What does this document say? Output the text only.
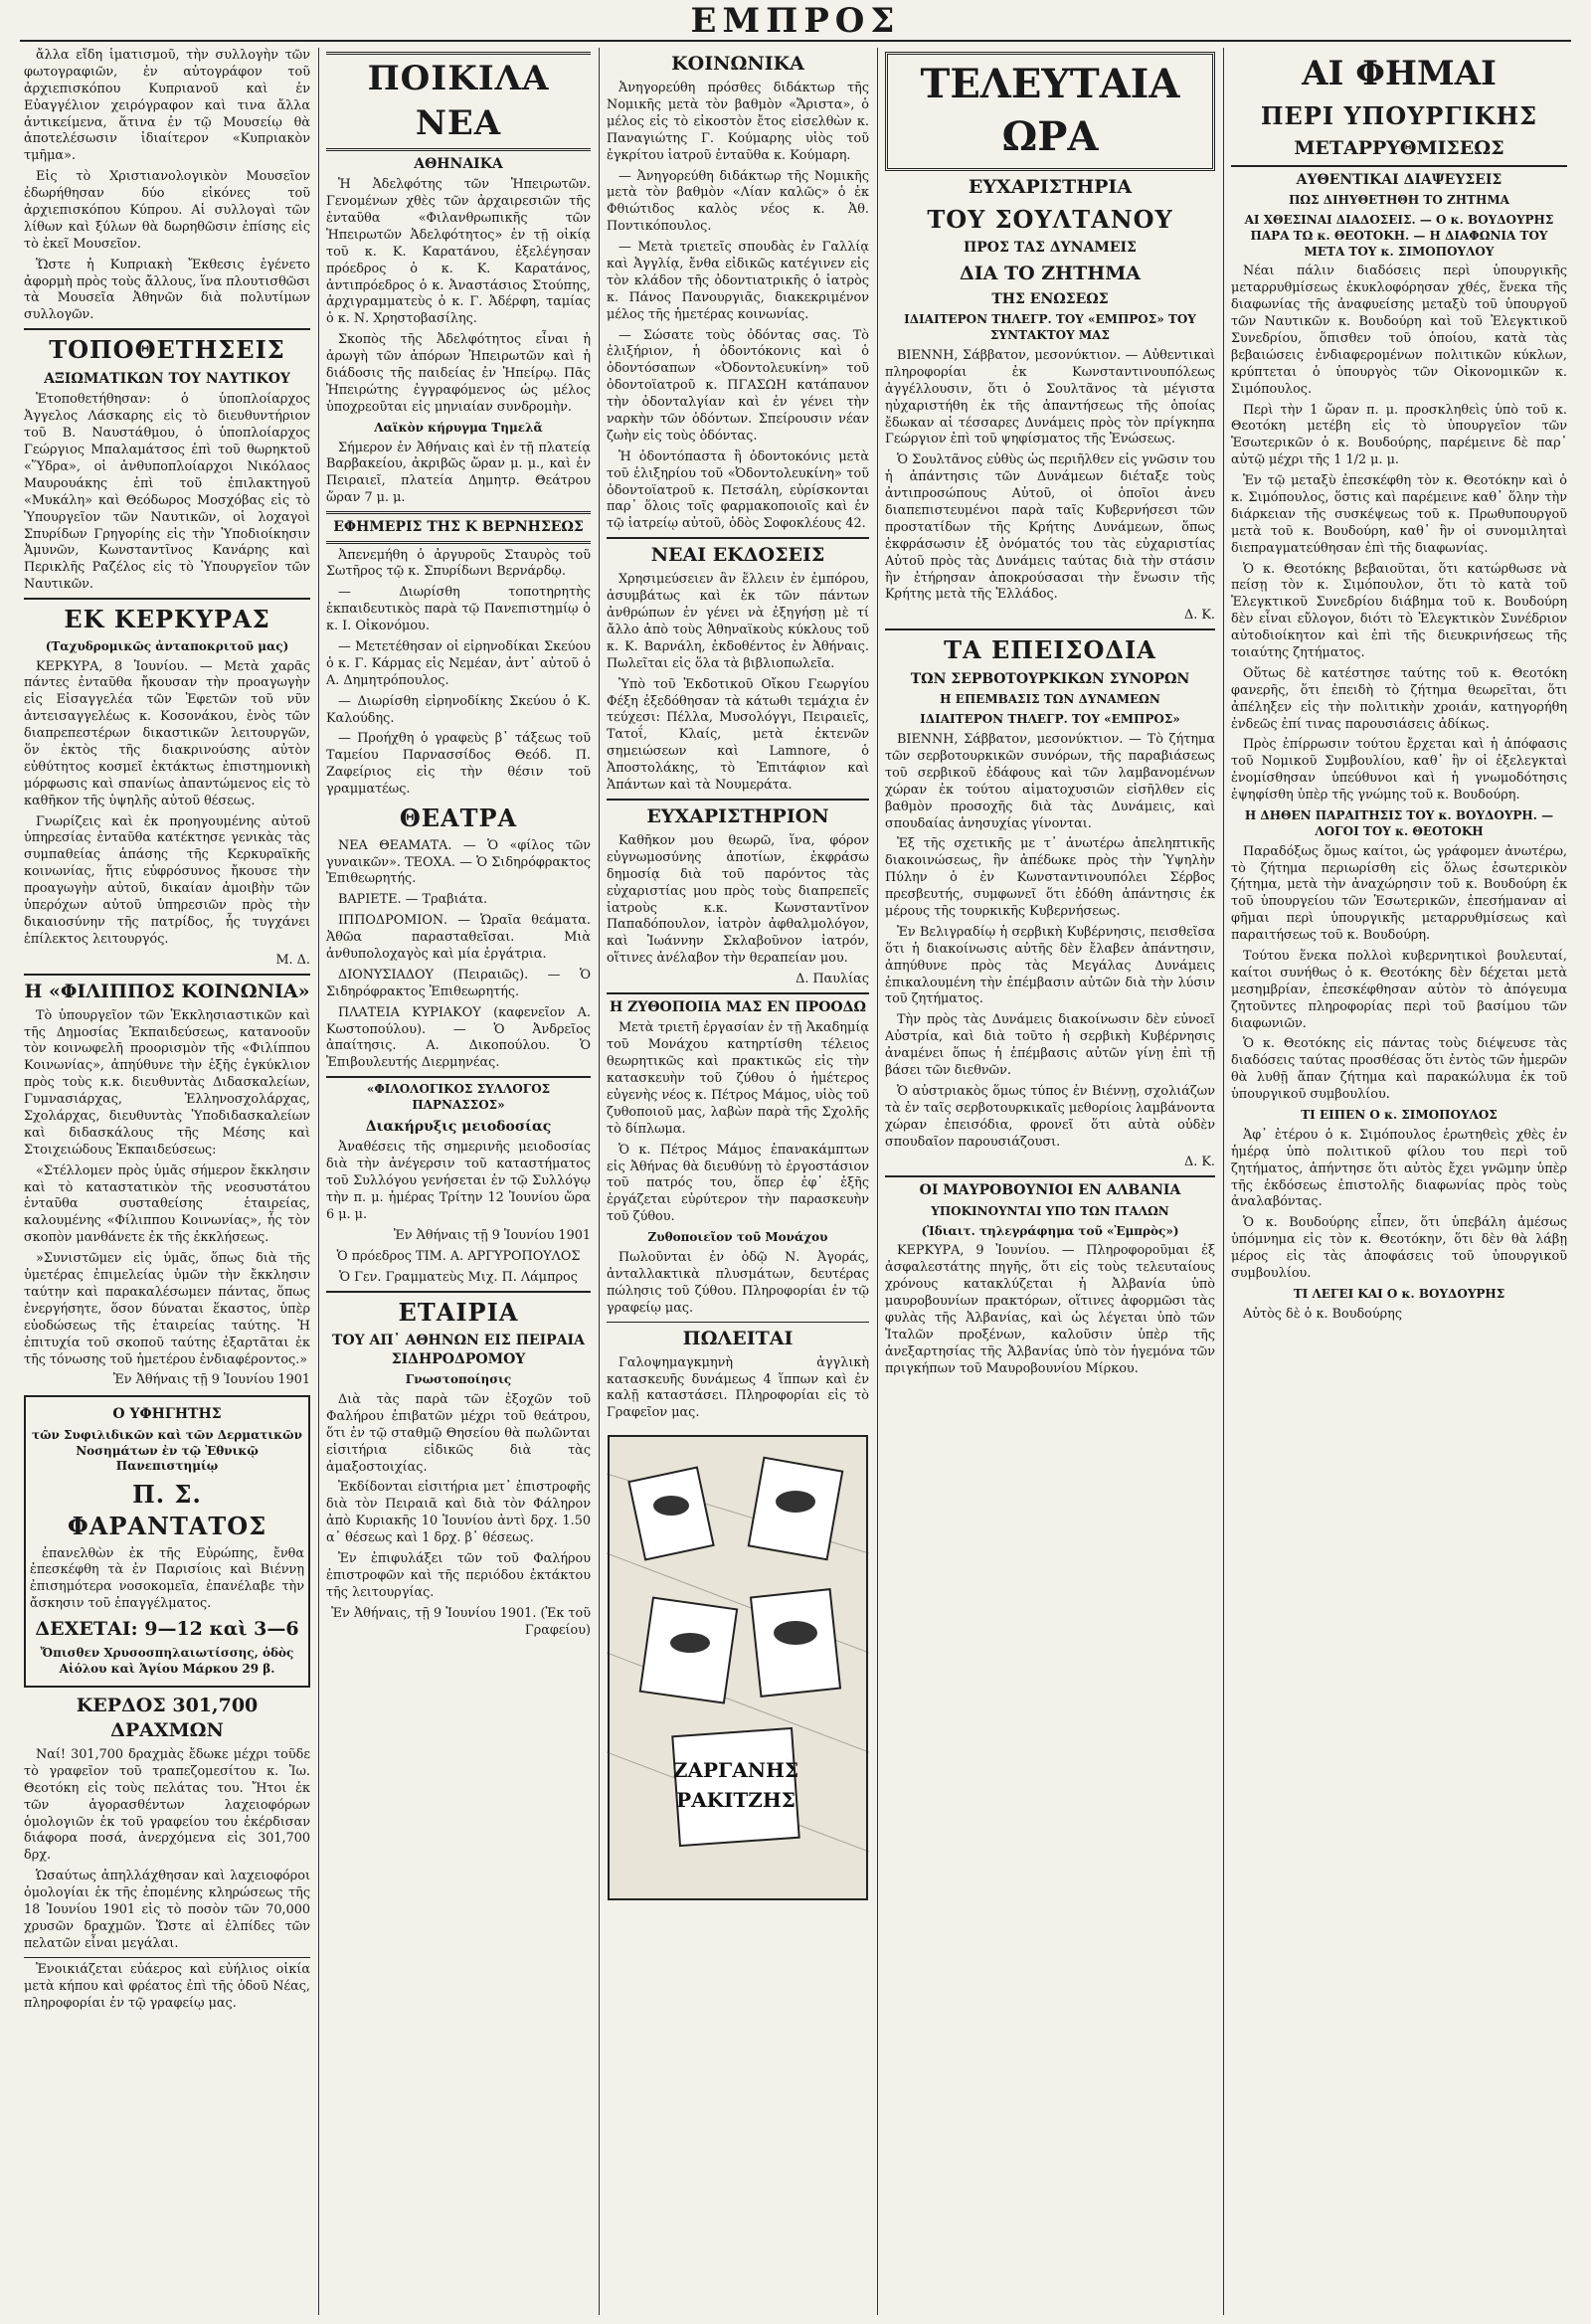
ΕΜΠΡΟΣ

ἄλλα εἴδη ἱματισμοῦ, τὴν συλλογὴν τῶν φωτογραφιῶν, ἐν αὐτογράφον τοῦ ἀρχιεπισκόπου Κυπριανοῦ καὶ ἐν Εὐαγγέλιον χειρόγραφον καὶ τινα ἄλλα ἀντικείμενα, ἅτινα ἐν τῷ Μουσείῳ θὰ ἀποτελέσωσιν ἰδιαίτερον «Κυπριακὸν τμῆμα».

Εἰς τὸ Χριστιανολογικὸν Μουσεῖον ἐδωρήθησαν δύο εἰκόνες τοῦ ἀρχιεπισκόπου Κύπρου. Αἱ συλλογαὶ τῶν λίθων καὶ ξύλων θὰ δωρηθῶσιν ἐπίσης εἰς τὸ ἐκεῖ Μουσεῖον.

Ὥστε ἡ Κυπριακὴ Ἔκθεσις ἐγένετο ἀφορμὴ πρὸς τοὺς ἄλλους, ἵνα πλουτισθῶσι τὰ Μουσεῖα Ἀθηνῶν διὰ πολυτίμων συλλογῶν.

ΤΟΠΟΘΕΤΗΣΕΙΣ
ΑΞΙΩΜΑΤΙΚΩΝ ΤΟΥ ΝΑΥΤΙΚΟΥ

Ἐτοποθετήθησαν: ὁ ὑποπλοίαρχος Ἀγγελος Λάσκαρης εἰς τὸ διευθυντήριον τοῦ Β. Ναυστάθμου, ὁ ὑποπλοίαρχος Γεώργιος Μπαλαμάτσος ἐπὶ τοῦ θωρηκτοῦ «Ὕδρα», οἱ ἀνθυποπλοίαρχοι Νικόλαος Μαυρουάκης ἐπὶ τοῦ ἐπιλακτηγοῦ «Μυκάλη» καὶ Θεόδωρος Μοσχόβας εἰς τὸ Ὑπουργεῖον τῶν Ναυτικῶν, οἱ λοχαγοὶ Σπυρίδων Γρηγορίης εἰς τὴν Ὑποδιοίκησιν Ἀμυνῶν, Κωνσταντῖνος Κανάρης καὶ Περικλῆς Ραζέλος εἰς τὸ Ὑπουργεῖον τῶν Ναυτικῶν.

ΕΚ ΚΕΡΚΥΡΑΣ
(Ταχυδρομικῶς ἀνταποκριτοῦ μας)

ΚΕΡΚΥΡΑ, 8 Ἰουνίου. — Μετὰ χαρᾶς πάντες ἐνταῦθα ἤκουσαν τὴν προαγωγὴν εἰς Εἰσαγγελέα τῶν Ἐφετῶν τοῦ νῦν ἀντεισαγγελέως κ. Κοσονάκου, ἑνὸς τῶν διαπρεπεστέρων δικαστικῶν λειτουργῶν, ὅν ἐκτὸς τῆς διακρινούσης αὐτὸν εὐθύτητος κοσμεῖ ἐκτάκτως ἐπιστημονικὴ μόρφωσις καὶ σπανίως ἀπαντώμενος εἰς τὸ καθῆκον τῆς ὑψηλῆς αὐτοῦ θέσεως.

Γνωρίζεις καὶ ἐκ προηγουμένης αὐτοῦ ὑπηρεσίας ἐνταῦθα κατέκτησε γενικὰς τὰς συμπαθείας ἁπάσης τῆς Κερκυραϊκῆς κοινωνίας, ἥτις εὐφρόσυνος ἤκουσε τὴν προαγωγὴν αὐτοῦ, δικαίαν ἀμοιβὴν τῶν ὑπερόχων αὐτοῦ ὑπηρεσιῶν πρὸς τὴν δικαιοσύνην τῆς πατρίδος, ἧς τυγχάνει ἐπίλεκτος λειτουργός.

Μ. Δ.

Η «ΦΙΛΙΠΠΟΣ ΚΟΙΝΩΝΙΑ»

Τὸ ὑπουργεῖον τῶν Ἐκκλησιαστικῶν καὶ τῆς Δημοσίας Ἐκπαιδεύσεως, κατανοοῦν τὸν κοινωφελῆ προορισμὸν τῆς «Φιλίππου Κοινωνίας», ἀπηύθυνε τὴν ἑξῆς ἐγκύκλιον πρὸς τοὺς κ.κ. διευθυντὰς Διδασκαλείων, Γυμνασιάρχας, Ἑλληνοσχολάρχας, Σχολάρχας, διευθυντὰς Ὑποδιδασκαλείων καὶ διδασκάλους τῆς Μέσης καὶ Στοιχειώδους Ἐκπαιδεύσεως:

«Στέλλομεν πρὸς ὑμᾶς σήμερον ἔκκλησιν καὶ τὸ καταστατικὸν τῆς νεοσυστάτου ἐνταῦθα συσταθείσης ἑταιρείας, καλουμένης «Φίλιππου Κοινωνίας», ἧς τὸν σκοπὸν μανθάνετε ἐκ τῆς ἐκκλήσεως.

»Συνιστῶμεν εἰς ὑμᾶς, ὅπως διὰ τῆς ὑμετέρας ἐπιμελείας ὑμῶν τὴν ἔκκλησιν ταύτην καὶ παρακαλέσωμεν πάντας, ὅπως ἐνεργήσητε, ὅσον δύναται ἕκαστος, ὑπὲρ εὐοδώσεως τῆς ἑταιρείας ταύτης. Ἡ ἐπιτυχία τοῦ σκοποῦ ταύτης ἐξαρτᾶται ἐκ τῆς τόνωσης τοῦ ἡμετέρου ἐνδιαφέροντος.»

Ἐν Ἀθήναις τῇ 9 Ἰουνίου 1901

Ο ΥΦΗΓΗΤΗΣ
τῶν Συφιλιδικῶν καὶ τῶν Δερματικῶν Νοσημάτων ἐν τῷ Ἐθνικῷ Πανεπιστημίῳ
Π. Σ. ΦΑΡΑΝΤΑΤΟΣ

ἐπανελθὼν ἐκ τῆς Εὐρώπης, ἔνθα ἐπεσκέφθη τὰ ἐν Παρισίοις καὶ Βιέννῃ ἐπισημότερα νοσοκομεῖα, ἐπανέλαβε τὴν ἄσκησιν τοῦ ἐπαγγέλματος.

ΔΕΧΕΤΑΙ: 9—12 καὶ 3—6
Ὄπισθεν Χρυσοσπηλαιωτίσσης, ὁδὸς Αἰόλου καὶ Ἁγίου Μάρκου 29 β.
ΚΕΡΔΟΣ 301,700 ΔΡΑΧΜΩΝ

Ναί! 301,700 δραχμὰς ἔδωκε μέχρι τοῦδε τὸ γραφεῖον τοῦ τραπεζομεσίτου κ. Ἰω. Θεοτόκη εἰς τοὺς πελάτας του. Ἤτοι ἐκ τῶν ἀγορασθέντων λαχειοφόρων ὁμολογιῶν ἐκ τοῦ γραφείου του ἐκέρδισαν διάφορα ποσά, ἀνερχόμενα εἰς 301,700 δρχ.

Ὡσαύτως ἀπηλλάχθησαν καὶ λαχειοφόροι ὁμολογίαι ἐκ τῆς ἐπομένης κληρώσεως τῆς 18 Ἰουνίου 1901 εἰς τὸ ποσὸν τῶν 70,000 χρυσῶν δραχμῶν. Ὥστε αἱ ἐλπίδες τῶν πελατῶν εἶναι μεγάλαι.

Ἐνοικιάζεται εὐάερος καὶ εὐήλιος οἰκία μετὰ κήπου καὶ φρέατος ἐπὶ τῆς ὁδοῦ Νέας, πληροφορίαι ἐν τῷ γραφείῳ μας.

ΠΟΙΚΙΛΑ ΝΕΑ
ΑΘΗΝΑΙΚΑ

Ἡ Ἀδελφότης τῶν Ἠπειρωτῶν. Γενομένων χθὲς τῶν ἀρχαιρεσιῶν τῆς ἐνταῦθα «Φιλανθρωπικῆς τῶν Ἠπειρωτῶν Ἀδελφότητος» ἐν τῇ οἰκίᾳ τοῦ κ. Κ. Καρατάνου, ἐξελέγησαν πρόεδρος ὁ κ. Κ. Καρατάνος, ἀντιπρόεδρος ὁ κ. Ἀναστάσιος Στούπης, ἀρχιγραμματεὺς ὁ κ. Γ. Ἀδέρφη, ταμίας ὁ κ. Ν. Χρηστοβασίλης.

Σκοπὸς τῆς Ἀδελφότητος εἶναι ἡ ἀρωγὴ τῶν ἀπόρων Ἠπειρωτῶν καὶ ἡ διάδοσις τῆς παιδείας ἐν Ἠπείρῳ. Πᾶς Ἠπειρώτης ἐγγραφόμενος ὡς μέλος ὑποχρεοῦται εἰς μηνιαίαν συνδρομὴν.

Λαϊκὸν κήρυγμα Τημελᾶ

Σήμερον ἐν Ἀθήναις καὶ ἐν τῇ πλατείᾳ Βαρβακείου, ἀκριβῶς ὥραν μ. μ., καὶ ἐν Πειραιεῖ, πλατεία Δημητρ. Θεάτρου ὥραν 7 μ. μ.

ΕΦΗΜΕΡΙΣ ΤΗΣ Κ ΒΕΡΝΗΣΕΩΣ

Ἀπενεμήθη ὁ ἀργυροῦς Σταυρὸς τοῦ Σωτῆρος τῷ κ. Σπυρίδωνι Βερνάρδῳ.

— Διωρίσθη τοποτηρητὴς ἐκπαιδευτικὸς παρὰ τῷ Πανεπιστημίῳ ὁ κ. Ι. Οἰκονόμου.

— Μετετέθησαν οἱ εἰρηνοδίκαι Σκεύου ὁ κ. Γ. Κάρμας εἰς Νεμέαν, ἀντ᾽ αὐτοῦ ὁ Α. Δημητρόπουλος.

— Διωρίσθη εἰρηνοδίκης Σκεύου ὁ Κ. Καλούδης.

— Προήχθη ὁ γραφεὺς β᾽ τάξεως τοῦ Ταμείου Παρνασσίδος Θεόδ. Π. Ζαφείριος εἰς τὴν θέσιν τοῦ γραμματέως.

ΘΕΑΤΡΑ

ΝΕΑ ΘΕΑΜΑΤΑ. — Ὁ «φίλος τῶν γυναικῶν». ΤΕΟΧΑ. — Ὁ Σιδηρόφρακτος Ἐπιθεωρητής.

ΒΑΡΙΕΤΕ. — Τραβιάτα.

ΙΠΠΟΔΡΟΜΙΟΝ. — Ὡραῖα θεάματα. Ἀθῶα παρασταθεῖσαι. Μιὰ ἀνθυπολοχαγὸς καὶ μία ἐργάτρια.

ΔΙΟΝΥΣΙΑΔΟΥ (Πειραιῶς). — Ὁ Σιδηρόφρακτος Ἐπιθεωρητής.

ΠΛΑΤΕΙΑ ΚΥΡΙΑΚΟΥ (καφενεῖον Α. Κωστοπούλου). — Ὁ Ἀνδρεῖος ἀπαίτησις. Α. Δικοπούλου. Ὁ Ἐπιβουλευτής Διερμηνέας.

«ΦΙΛΟΛΟΓΙΚΟΣ ΣΥΛΛΟΓΟΣ ΠΑΡΝΑΣΣΟΣ»
Διακήρυξις μειοδοσίας

Ἀναθέσεις τῆς σημερινῆς μειοδοσίας διὰ τὴν ἀνέγερσιν τοῦ καταστήματος τοῦ Συλλόγου γενήσεται ἐν τῷ Συλλόγῳ τὴν π. μ. ἡμέρας Τρίτην 12 Ἰουνίου ὥρα 6 μ. μ.

Ἐν Ἀθήναις τῇ 9 Ἰουνίου 1901

Ὁ πρόεδρος ΤΙΜ. Α. ΑΡΓΥΡΟΠΟΥΛΟΣ

Ὁ Γεν. Γραμματεὺς Μιχ. Π. Λάμπρος

ΕΤΑΙΡΙΑ
ΤΟΥ ΑΠ᾽ ΑΘΗΝΩΝ ΕΙΣ ΠΕΙΡΑΙΑ ΣΙΔΗΡΟΔΡΟΜΟΥ
Γνωστοποίησις

Διὰ τὰς παρὰ τῶν ἐξοχῶν τοῦ Φαλήρου ἐπιβατῶν μέχρι τοῦ θεάτρου, ὅτι ἐν τῷ σταθμῷ Θησείου θὰ πωλῶνται εἰσιτήρια εἰδικῶς διὰ τὰς ἀμαξοστοιχίας.

Ἐκδίδονται εἰσιτήρια μετ᾽ ἐπιστροφῆς διὰ τὸν Πειραιᾶ καὶ διὰ τὸν Φάληρον ἀπὸ Κυριακῆς 10 Ἰουνίου ἀντὶ δρχ. 1.50 α᾽ θέσεως καὶ 1 δρχ. β᾽ θέσεως.

Ἐν ἐπιφυλάξει τῶν τοῦ Φαλήρου ἐπιστροφῶν καὶ τῆς περιόδου ἐκτάκτου τῆς λειτουργίας.

Ἐν Ἀθήναις, τῇ 9 Ἰουνίου 1901. (Ἐκ τοῦ Γραφείου)

ΚΟΙΝΩΝΙΚΑ

Ἀνηγορεύθη πρόσθες διδάκτωρ τῆς Νομικῆς μετὰ τὸν βαθμὸν «Ἄριστα», ὁ μέλος εἰς τὸ εἰκοστὸν ἔτος εἰσελθὼν κ. Παναγιώτης Γ. Κούμαρης υἱὸς τοῦ ἐγκρίτου ἰατροῦ ἐνταῦθα κ. Κούμαρη.

— Ἀνηγορεύθη διδάκτωρ τῆς Νομικῆς μετὰ τὸν βαθμὸν «Λίαν καλῶς» ὁ ἐκ Φθιώτιδος καλὸς νέος κ. Ἀθ. Ποντικόπουλος.

— Μετὰ τριετεῖς σπουδὰς ἐν Γαλλίᾳ καὶ Ἀγγλίᾳ, ἔνθα εἰδικῶς κατέγινεν εἰς τὸν κλάδον τῆς ὀδοντιατρικῆς ὁ ἰατρὸς κ. Πάνος Πανουργιᾶς, διακεκριμένον μέλος τῆς ἡμετέρας κοινωνίας.

— Σώσατε τοὺς ὀδόντας σας. Τὸ ἐλιξήριον, ἡ ὀδοντόκονις καὶ ὁ ὀδοντόσαπων «Ὀδοντολευκίνη» τοῦ ὀδοντοϊατροῦ κ. ΠΓΑΣΩΗ κατάπαυον τὴν ὀδονταλγίαν καὶ ἐν γένει τὴν ναρκὴν τῶν ὀδόντων. Σπείρουσιν νέαν ζωὴν εἰς τοὺς ὀδόντας.

Ἡ ὀδοντόπαστα ἢ ὀδοντοκόνις μετὰ τοῦ ἐλιξηρίου τοῦ «Ὀδοντολευκίνη» τοῦ ὀδοντοϊατροῦ κ. Πετσάλη, εὐρίσκονται παρ᾽ ὅλοις τοῖς φαρμακοποιοῖς καὶ ἐν τῷ ἰατρείῳ αὐτοῦ, ὁδὸς Σοφοκλέους 42.

ΝΕΑΙ ΕΚΔΟΣΕΙΣ

Χρησιμεύσειεν ἂν ἕλλειν ἐν ἐμπόρου, ἀσυμβάτως καὶ ἐκ τῶν πάντων ἀνθρώπων ἐν γένει νὰ ἐξηγήσῃ μὲ τί ἄλλο ἀπὸ τοὺς Ἀθηναϊκοὺς κύκλους τοῦ κ. Κ. Βαρνάλη, ἐκδοθέντος ἐν Ἀθήναις. Πωλεῖται εἰς ὅλα τὰ βιβλιοπωλεῖα.

Ὑπὸ τοῦ Ἐκδοτικοῦ Οἴκου Γεωργίου Φέξη ἐξεδόθησαν τὰ κάτωθι τεμάχια ἐν τεύχεσι: Πέλλα, Μυσολόγγι, Πειραιεῖς, Τατοΐ, Κλαίς, μετὰ ἐκτενῶν σημειώσεων καὶ Lamnore, ὁ Ἀποστολάκης, τὸ Ἐπιτάφιον καὶ Ἁπάντων καὶ τὰ Νουμεράτα.

ΕΥΧΑΡΙΣΤΗΡΙΟΝ

Καθῆκον μου θεωρῶ, ἵνα, φόρον εὐγνωμοσύνης ἀποτίων, ἐκφράσω δημοσίᾳ διὰ τοῦ παρόντος τὰς εὐχαριστίας μου πρὸς τοὺς διαπρεπεῖς ἰατροὺς κ.κ. Κωνσταντῖνον Παπαδόπουλον, ἰατρὸν ἀφθαλμολόγον, καὶ Ἰωάννην Σκλαβοῦνον ἰατρόν, οἵτινες ἀνέλαβον τὴν θεραπείαν μου.

Δ. Παυλίας

Η ΖΥΘΟΠΟΙΙΑ ΜΑΣ ΕΝ ΠΡΟΟΔΩ

Μετὰ τριετῆ ἐργασίαν ἐν τῇ Ἀκαδημίᾳ τοῦ Μονάχου κατηρτίσθη τέλειος θεωρητικῶς καὶ πρακτικῶς εἰς τὴν κατασκευὴν τοῦ ζύθου ὁ ἡμέτερος εὐγενὴς νέος κ. Πέτρος Μάμος, υἱὸς τοῦ ζυθοποιοῦ μας, λαβὼν παρὰ τῆς Σχολῆς τὸ δίπλωμα.

Ὁ κ. Πέτρος Μάμος ἐπανακάμπτων εἰς Ἀθήνας θὰ διευθύνῃ τὸ ἐργοστάσιον τοῦ πατρός του, ὅπερ ἐφ᾽ ἑξῆς ἐργάζεται εὐρύτερον τὴν παρασκευὴν τοῦ ζύθου.

Ζυθοποιεῖον τοῦ Μονάχου

Πωλοῦνται ἐν ὀδῷ Ν. Ἀγοράς, ἀνταλλακτικὰ πλυσμάτων, δευτέρας πώλησις τοῦ ζύθου. Πληροφορίαι ἐν τῷ γραφείῳ μας.

ΠΩΛΕΙΤΑΙ

Γαλοψημαγκμηνὴ ἀγγλικὴ κατασκευῆς δυνάμεως 4 ἵππων καὶ ἐν καλῇ καταστάσει. Πληροφορίαι εἰς τὸ Γραφεῖον μας.

ΖΑΡΓΑΝΗΣ
ΡΑΚΙΤΖΗΣ
ΤΕΛΕΥΤΑΙΑ ΩΡΑ
ΕΥΧΑΡΙΣΤΗΡΙΑ
ΤΟΥ ΣΟΥΛΤΑΝΟΥ
ΠΡΟΣ ΤΑΣ ΔΥΝΑΜΕΙΣ
ΔΙΑ ΤΟ ΖΗΤΗΜΑ
ΤΗΣ ΕΝΩΣΕΩΣ
ΙΔΙΑΙΤΕΡΟΝ ΤΗΛΕΓΡ. ΤΟΥ «ΕΜΠΡΟΣ» ΤΟΥ ΣΥΝΤΑΚΤΟΥ ΜΑΣ

ΒΙΕΝΝΗ, Σάββατον, μεσονύκτιον. — Αὐθεντικαὶ πληροφορίαι ἐκ Κωνσταντινουπόλεως ἀγγέλλουσιν, ὅτι ὁ Σουλτᾶνος τὰ μέγιστα ηὐχαριστήθη ἐκ τῆς ἀπαντήσεως τῆς ὁποίας ἔδωκαν αἱ τέσσαρες Δυνάμεις πρὸς τὸν πρίγκηπα Γεώργιον ἐπὶ τοῦ ψηφίσματος τῆς Ἑνώσεως.

Ὁ Σουλτᾶνος εὐθὺς ὡς περιῆλθεν εἰς γνῶσιν του ἡ ἀπάντησις τῶν Δυνάμεων διέταξε τοὺς ἀντιπροσώπους Αὐτοῦ, οἱ ὁποῖοι ἀνευ διαπεπιστευμένοι παρὰ ταῖς Κυβερνήσεσι τῶν προστατίδων τῆς Κρήτης Δυνάμεων, ὅπως ἐκφράσωσιν ἐξ ὀνόματός του τὰς εὐχαριστίας Αὐτοῦ πρὸς τὰς Δυνάμεις ταύτας διὰ τὴν στάσιν ἣν ἐτήρησαν ἀποκρούσασαι τὴν ἕνωσιν τῆς Κρήτης μετὰ τῆς Ἑλλάδος.

Δ. Κ.

ΤΑ ΕΠΕΙΣΟΔΙΑ
ΤΩΝ ΣΕΡΒΟΤΟΥΡΚΙΚΩΝ ΣΥΝΟΡΩΝ
Η ΕΠΕΜΒΑΣΙΣ ΤΩΝ ΔΥΝΑΜΕΩΝ
ΙΔΙΑΙΤΕΡΟΝ ΤΗΛΕΓΡ. ΤΟΥ «ΕΜΠΡΟΣ»

ΒΙΕΝΝΗ, Σάββατον, μεσονύκτιον. — Τὸ ζήτημα τῶν σερβοτουρκικῶν συνόρων, τῆς παραβιάσεως τοῦ σερβικοῦ ἐδάφους καὶ τῶν λαμβανομένων χώραν ἐκ τούτου αἱματοχυσιῶν εἰσῆλθεν εἰς βαθμὸν προσοχῆς διὰ τὰς Δυνάμεις, καὶ σπουδαίας ἀνησυχίας γίνονται.

Ἐξ τῆς σχετικῆς με τ᾽ ἀνωτέρω ἀπεληπτικῆς διακοινώσεως, ἣν ἀπέδωκε πρὸς τὴν Ὑψηλὴν Πύλην ὁ ἐν Κωνσταντινουπόλει Σέρβος πρεσβευτής, συμφωνεῖ ὅτι ἐδόθη ἀπάντησις ἐκ μέρους τῆς τουρκικῆς Κυβερνήσεως.

Ἐν Βελιγραδίῳ ἡ σερβικὴ Κυβέρνησις, πεισθεῖσα ὅτι ἡ διακοίνωσις αὐτῆς δὲν ἔλαβεν ἀπάντησιν, ἀπηύθυνε πρὸς τὰς Μεγάλας Δυνάμεις ἐπικαλουμένη τὴν ἐπέμβασιν αὐτῶν διὰ τὴν λύσιν τοῦ ζητήματος.

Τὴν πρὸς τὰς Δυνάμεις διακοίνωσιν δὲν εὐνοεῖ Αὐστρία, καὶ διὰ τοῦτο ἡ σερβικὴ Κυβέρνησις ἀναμένει ὅπως ἡ ἐπέμβασις αὐτῶν γίνῃ ἐπὶ τῇ βάσει τῶν διεθνῶν.

Ὁ αὐστριακὸς ὅμως τύπος ἐν Βιέννῃ, σχολιάζων τὰ ἐν ταῖς σερβοτουρκικαῖς μεθορίοις λαμβάνοντα χώραν ἐπεισόδια, φρονεῖ ὅτι αὐτὰ οὐδὲν σπουδαῖον παρουσιάζουσι.

Δ. Κ.

ΟΙ ΜΑΥΡΟΒΟΥΝΙΟΙ ΕΝ ΑΛΒΑΝΙΑ
ΥΠΟΚΙΝΟΥΝΤΑΙ ΥΠΟ ΤΩΝ ΙΤΑΛΩΝ
(Ἰδιαιτ. τηλεγράφημα τοῦ «Ἐμπρὸς»)

ΚΕΡΚΥΡΑ, 9 Ἰουνίου. — Πληροφοροῦμαι ἐξ ἀσφαλεστάτης πηγῆς, ὅτι εἰς τοὺς τελευταίους χρόνους κατακλύζεται ἡ Ἀλβανία ὑπὸ μαυροβουνίων πρακτόρων, οἵτινες ἀφορμῶσι τὰς φυλὰς τῆς Ἀλβανίας, καὶ ὡς λέγεται ὑπὸ τῶν Ἰταλῶν προξένων, καλοῦσιν ὑπὲρ τῆς ἀνεξαρτησίας τῆς Ἀλβανίας ὑπὸ τὸν ἡγεμόνα τῶν πριγκήπων τοῦ Μαυροβουνίου Μίρκου.

ΑΙ ΦΗΜΑΙ
ΠΕΡΙ ΥΠΟΥΡΓΙΚΗΣ
ΜΕΤΑΡΡΥΘΜΙΣΕΩΣ
ΑΥΘΕΝΤΙΚΑΙ ΔΙΑΨΕΥΣΕΙΣ
ΠΩΣ ΔΙΗΥΘΕΤΗΘΗ ΤΟ ΖΗΤΗΜΑ
ΑΙ ΧΘΕΣΙΝΑΙ ΔΙΑΔΟΣΕΙΣ. — Ο κ. ΒΟΥΔΟΥΡΗΣ ΠΑΡΑ ΤΩ κ. ΘΕΟΤΟΚΗ. — Η ΔΙΑΦΩΝΙΑ ΤΟΥ ΜΕΤΑ ΤΟΥ κ. ΣΙΜΟΠΟΥΛΟΥ

Νέαι πάλιν διαδόσεις περὶ ὑπουργικῆς μεταρρυθμίσεως ἐκυκλοφόρησαν χθές, ἕνεκα τῆς διαφωνίας τῆς ἀναφυείσης μεταξὺ τοῦ ὑπουργοῦ τῶν Ναυτικῶν κ. Βουδούρη καὶ τοῦ Ἐλεγκτικοῦ Συνεδρίου, ὅπισθεν τοῦ ὁποίου, κατὰ τὰς βεβαιώσεις ἐνδιαφερομένων πολιτικῶν κύκλων, κρύπτεται ὁ ὑπουργὸς τῶν Οἰκονομικῶν κ. Σιμόπουλος.

Περὶ τὴν 1 ὥραν π. μ. προσκληθεὶς ὑπὸ τοῦ κ. Θεοτόκη μετέβη εἰς τὸ ὑπουργεῖον τῶν Ἐσωτερικῶν ὁ κ. Βουδούρης, παρέμεινε δὲ παρ᾽ αὐτῷ μέχρι τῆς 1 1/2 μ. μ.

Ἐν τῷ μεταξὺ ἐπεσκέφθη τὸν κ. Θεοτόκην καὶ ὁ κ. Σιμόπουλος, ὅστις καὶ παρέμεινε καθ᾽ ὅλην τὴν διάρκειαν τῆς συσκέψεως τοῦ κ. Πρωθυπουργοῦ μετὰ τοῦ κ. Βουδούρη, καθ᾽ ἣν οἱ συνομιληταὶ διεπραγματεύθησαν ἐπὶ τῆς διαφωνίας.

Ὁ κ. Θεοτόκης βεβαιοῦται, ὅτι κατώρθωσε νὰ πείσῃ τὸν κ. Σιμόπουλον, ὅτι τὸ κατὰ τοῦ Ἐλεγκτικοῦ Συνεδρίου διάβημα τοῦ κ. Βουδούρη δὲν εἶναι εὔλογον, διότι τὸ Ἐλεγκτικὸν Συνέδριον αὐτοδιοίκητον καὶ ἐπὶ τῆς διευκρινήσεως τῆς τοιαύτης ζητήματος.

Οὕτως δὲ κατέστησε ταύτης τοῦ κ. Θεοτόκη φανερῆς, ὅτι ἐπειδὴ τὸ ζήτημα θεωρεῖται, ὅτι ἀπέληξεν εἰς τὴν πολιτικὴν χροιάν, κατηγορήθη ἐνδεῶς ἐπί τινας παρουσιάσεις ἀδίκως.

Πρὸς ἐπίρρωσιν τούτου ἔρχεται καὶ ἡ ἀπόφασις τοῦ Νομικοῦ Συμβουλίου, καθ᾽ ἣν οἱ ἐξελεγκταὶ ἐνομίσθησαν ὑπεύθυνοι καὶ ἡ γνωμοδότησις ἐψηφίσθη ὑπὲρ τῆς γνώμης τοῦ κ. Βουδούρη.

Η ΔΗΘΕΝ ΠΑΡΑΙΤΗΣΙΣ ΤΟΥ κ. ΒΟΥΔΟΥΡΗ. — ΛΟΓΟΙ ΤΟΥ κ. ΘΕΟΤΟΚΗ

Παραδόξως ὅμως καίτοι, ὡς γράφομεν ἀνωτέρω, τὸ ζήτημα περιωρίσθη εἰς ὅλως ἐσωτερικὸν ζήτημα, μετὰ τὴν ἀναχώρησιν τοῦ κ. Βουδούρη ἐκ τοῦ ὑπουργείου τῶν Ἐσωτερικῶν, ἐπεσήμαναν αἱ φῆμαι περὶ ὑπουργικῆς μεταρρυθμίσεως καὶ παραιτήσεως τοῦ κ. Βουδούρη.

Τούτου ἕνεκα πολλοὶ κυβερνητικοὶ βουλευταί, καίτοι συνήθως ὁ κ. Θεοτόκης δὲν δέχεται μετὰ μεσημβρίαν, ἐπεσκέφθησαν αὐτὸν τὸ ἀπόγευμα ζητοῦντες πληροφορίας περὶ τοῦ βασίμου τῶν διαφωνιῶν.

Ὁ κ. Θεοτόκης εἰς πάντας τοὺς διέψευσε τὰς διαδόσεις ταύτας προσθέσας ὅτι ἐντὸς τῶν ἡμερῶν θὰ λυθῇ ἅπαν ζήτημα καὶ παρακώλυμα ἐκ τοῦ ὑπουργικοῦ συμβουλίου.

ΤΙ ΕΙΠΕΝ Ο κ. ΣΙΜΟΠΟΥΛΟΣ

Ἀφ᾽ ἑτέρου ὁ κ. Σιμόπουλος ἐρωτηθεὶς χθὲς ἐν ἡμέρᾳ ὑπὸ πολιτικοῦ φίλου του περὶ τοῦ ζητήματος, ἀπήντησε ὅτι αὐτὸς ἔχει γνῶμην ὑπὲρ τῆς ἐκδόσεως ἐπιστολῆς διαφωνίας πρὸς τοὺς ἀναλαβόντας.

Ὁ κ. Βουδούρης εἶπεν, ὅτι ὑπεβάλη ἀμέσως ὑπόμνημα εἰς τὸν κ. Θεοτόκην, ὅτι δὲν θὰ λάβῃ μέρος εἰς τὰς ἀποφάσεις τοῦ ὑπουργικοῦ συμβουλίου.

ΤΙ ΛΕΓΕΙ ΚΑΙ Ο κ. ΒΟΥΔΟΥΡΗΣ

Αὐτὸς δὲ ὁ κ. Βουδούρης
